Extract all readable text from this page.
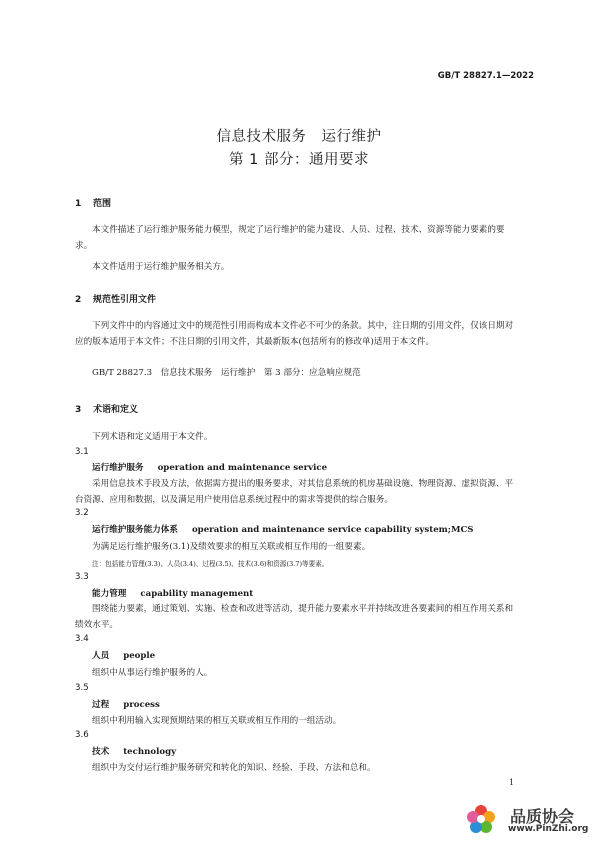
GB/T 28827.1—2022
信息技术服务　运行维护
第 1 部分：通用要求
1 范围
本文件描述了运行维护服务能力模型，规定了运行维护的能力建设、人员、过程、技术、资源等能力要素的要求。
本文件适用于运行维护服务相关方。
2 规范性引用文件
下列文件中的内容通过文中的规范性引用而构成本文件必不可少的条款。其中，注日期的引用文件，仅该日期对应的版本适用于本文件；不注日期的引用文件，其最新版本(包括所有的修改单)适用于本文件。
GB/T 28827.3　信息技术服务　运行维护　第 3 部分：应急响应规范
3 术语和定义
下列术语和定义适用于本文件。
3.1
运行维护服务 operation and maintenance service
采用信息技术手段及方法，依据需方提出的服务要求，对其信息系统的机房基础设施、物理资源、虚拟资源、平台资源、应用和数据，以及满足用户使用信息系统过程中的需求等提供的综合服务。
3.2
运行维护服务能力体系 operation and maintenance service capability system;MCS
为满足运行维护服务(3.1)及绩效要求的相互关联或相互作用的一组要素。
注：包括能力管理(3.3)、人员(3.4)、过程(3.5)、技术(3.6)和资源(3.7)等要素。
3.3
能力管理 capability management
围绕能力要素，通过策划、实施、检查和改进等活动，提升能力要素水平并持续改进各要素间的相互作用关系和绩效水平。
3.4
人员 people
组织中从事运行维护服务的人。
3.5
过程 process
组织中利用输入实现预期结果的相互关联或相互作用的一组活动。
3.6
技术 technology
组织中为交付运行维护服务研究和转化的知识、经验、手段、方法和总和。
1
品质协会
www.PinZhi.org
